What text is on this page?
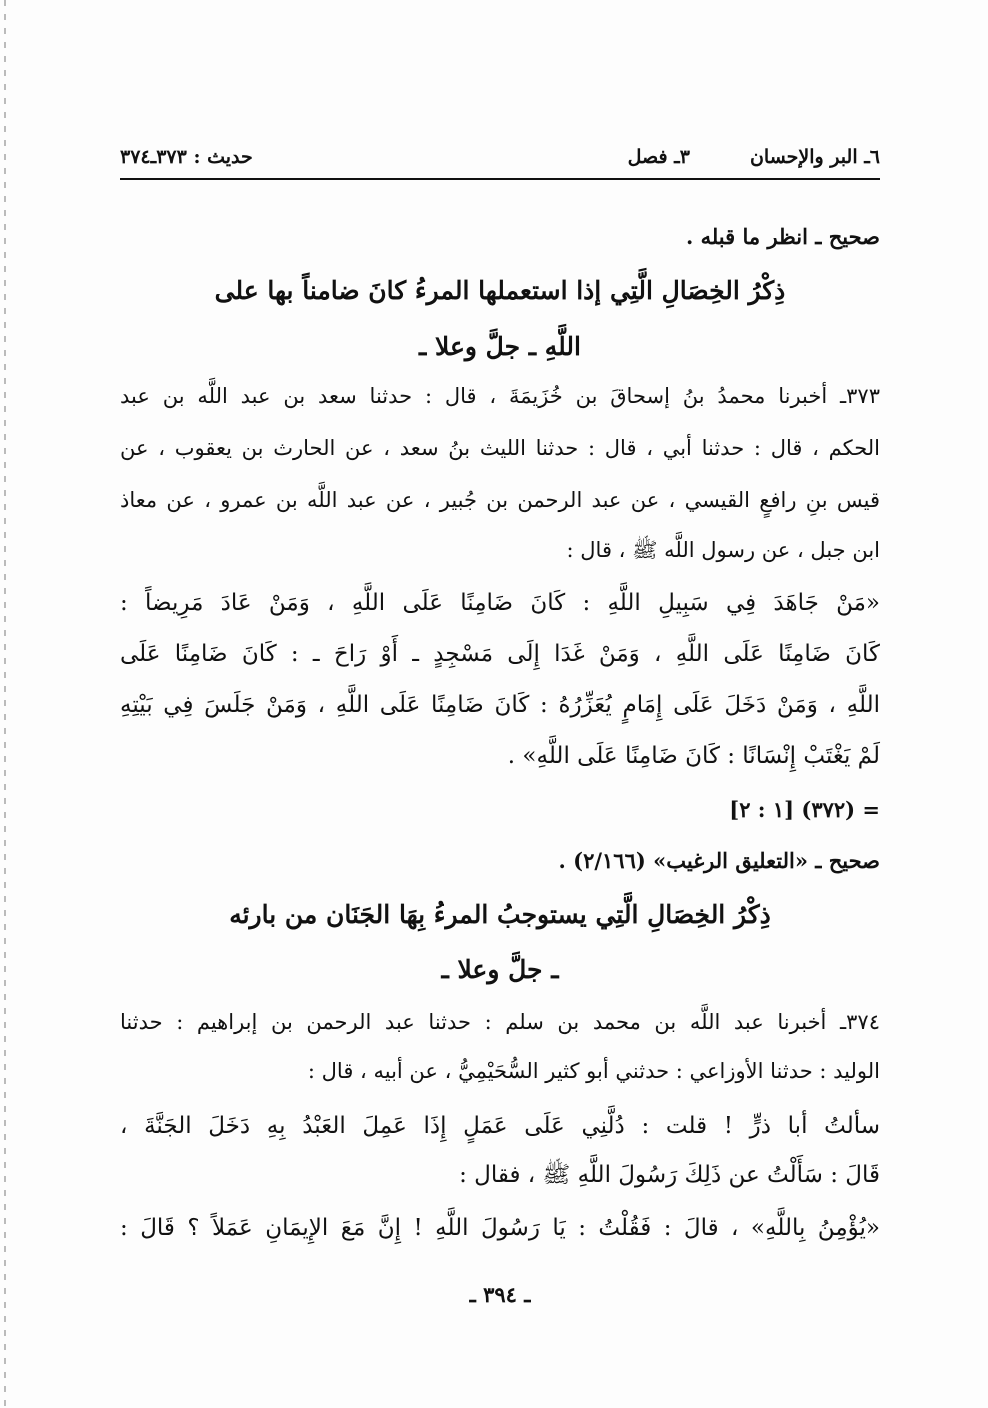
٦ـ البر والإحسان
٣ـ فصل
حديث : ٣٧٣ـ٣٧٤
صحيح ـ انظر ما قبله .
ذِكْرُ الخِصَالِ الَّتِي إذا استعملها المرءُ كانَ ضامناً بها على
اللَّهِ ـ جلَّ وعلا ـ
٣٧٣ـ أخبرنا محمدُ بنُ إسحاقَ بن خُزَيمَةَ ، قال : حدثنا سعد بن عبد اللَّه بن عبد
الحكم ، قال : حدثنا أبي ، قال : حدثنا الليث بنُ سعد ، عن الحارث بن يعقوب ، عن
قيس بنِ رافعٍ القيسي ، عن عبد الرحمن بن جُبير ، عن عبد اللَّه بن عمرو ، عن معاذ
ابن جبل ، عن رسول اللَّه ﷺ ، قال :
«مَنْ جَاهَدَ فِي سَبِيلِ اللَّهِ : كَانَ ضَامِنًا عَلَى اللَّهِ ، وَمَنْ عَادَ مَرِيضاً :
كَانَ ضَامِنًا عَلَى اللَّهِ ، وَمَنْ غَدَا إِلَى مَسْجِدٍ ـ أَوْ رَاحَ ـ : كَانَ ضَامِنًا عَلَى
اللَّهِ ، وَمَنْ دَخَلَ عَلَى إِمَامٍ يُعَزِّرُهُ : كَانَ ضَامِنًا عَلَى اللَّهِ ، وَمَنْ جَلَسَ فِي بَيْتِهِ
لَمْ يَغْتَبْ إِنْسَانًا : كَانَ ضَامِنًا عَلَى اللَّهِ» .
= (٣٧٢) [١ : ٢]
صحيح ـ «التعليق الرغيب» (٢/١٦٦) .
ذِكْرُ الخِصَالِ الَّتِي يستوجبُ المرءُ بِهَا الجَنَان من بارئه
ـ جلَّ وعلا ـ
٣٧٤ـ أخبرنا عبد اللَّه بن محمد بن سلم : حدثنا عبد الرحمن بن إبراهيم : حدثنا
الوليد : حدثنا الأوزاعي : حدثني أبو كثير السُّحَيْمِيُّ ، عن أبيه ، قال :
سألتُ أبا ذرٍّ ! قلت : دُلَّنِي عَلَى عَمَلٍ إِذَا عَمِلَ العَبْدُ بِهِ دَخَلَ الجَنَّةَ ،
قَالَ : سَأَلْتُ عن ذَلِكَ رَسُولَ اللَّهِ ﷺ ، فقال :
«يُؤْمِنُ بِاللَّهِ» ، قالَ : فَقُلْتُ : يَا رَسُولَ اللَّهِ ! إِنَّ مَعَ الإِيمَانِ عَمَلاً ؟ قَالَ :
ـ ٣٩٤ ـ
